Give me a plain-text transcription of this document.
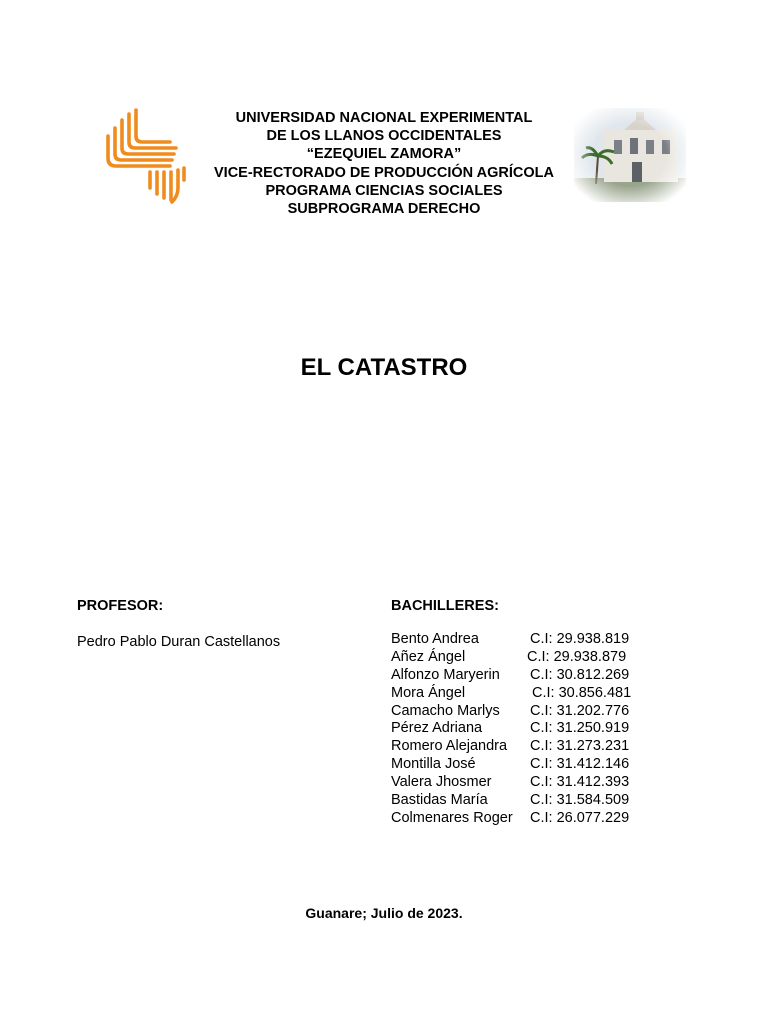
UNIVERSIDAD NACIONAL EXPERIMENTAL
DE LOS LLANOS OCCIDENTALES
“EZEQUIEL ZAMORA”
VICE-RECTORADO DE PRODUCCIÓN AGRÍCOLA
PROGRAMA CIENCIAS SOCIALES
SUBPROGRAMA DERECHO
EL CATASTRO
PROFESOR:
Pedro Pablo Duran Castellanos
BACHILLERES:
Bento Andrea	C.I: 29.938.819
Añez Ángel	C.I: 29.938.879
Alfonzo Maryerin C.I: 30.812.269
Mora Ángel	C.I: 30.856.481
Camacho Marlys C.I: 31.202.776
Pérez Adriana	C.I: 31.250.919
Romero Alejandra C.I: 31.273.231
Montilla José	C.I: 31.412.146
Valera Jhosmer	C.I: 31.412.393
Bastidas María	C.I: 31.584.509
Colmenares Roger C.I: 26.077.229
Guanare; Julio de 2023.
